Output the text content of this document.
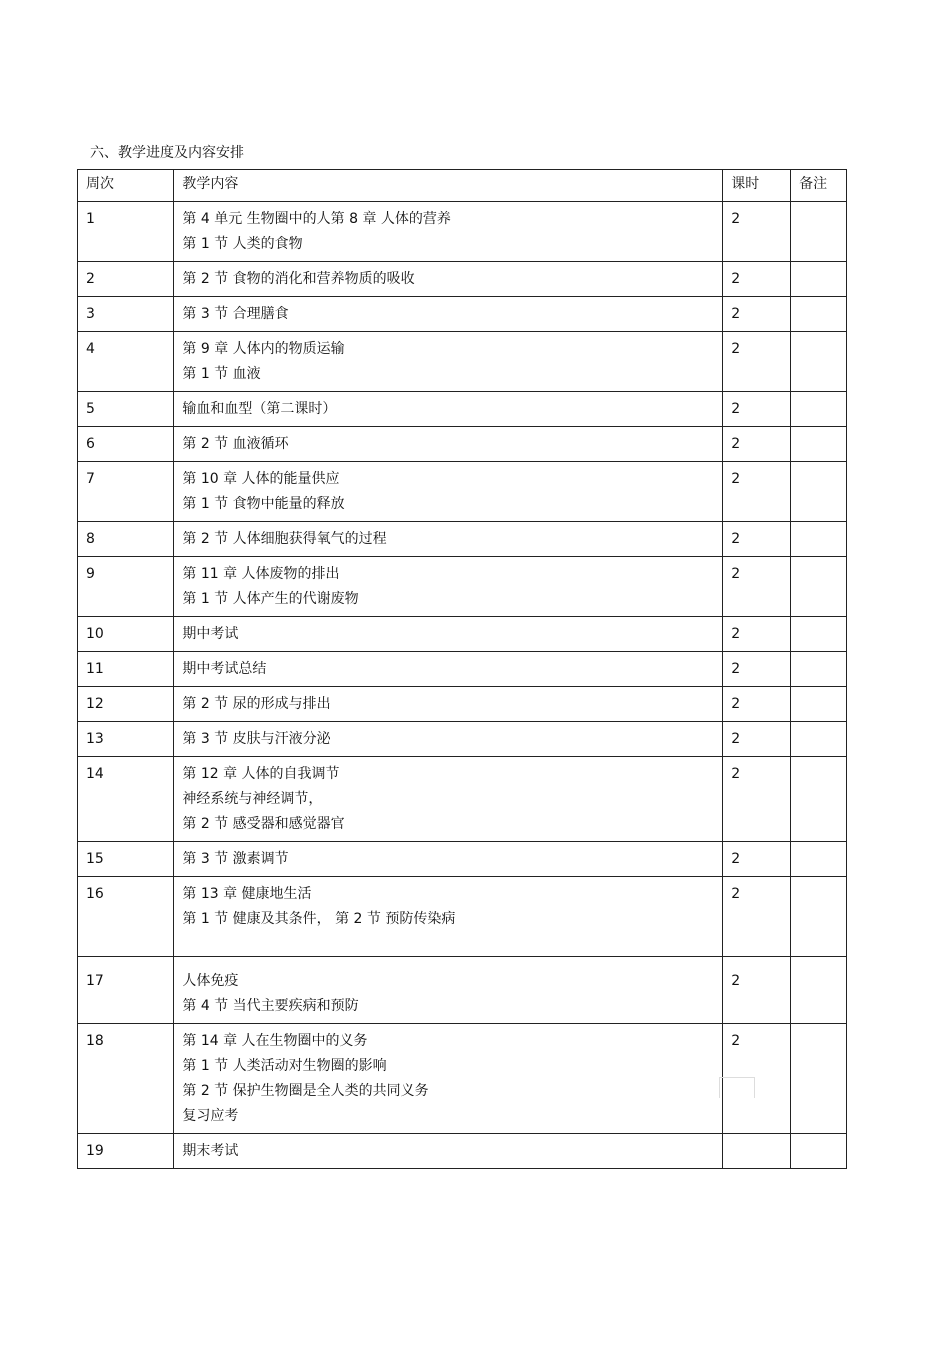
六、教学进度及内容安排
周次	教学内容	课时	备注
1	第 4 单元 生物圈中的人第 8 章 人体的营养
第 1 节 人类的食物	2	
2	第 2 节 食物的消化和营养物质的吸收	2	
3	第 3 节 合理膳食	2	
4	第 9 章 人体内的物质运输
第 1 节 血液	2	
5	输血和血型（第二课时）	2	
6	第 2 节 血液循环	2	
7	第 10 章 人体的能量供应
第 1 节 食物中能量的释放	2	
8	第 2 节 人体细胞获得氧气的过程	2	
9	第 11 章 人体废物的排出
第 1 节 人体产生的代谢废物	2	
10	期中考试	2	
11	期中考试总结	2	
12	第 2 节 尿的形成与排出	2	
13	第 3 节 皮肤与汗液分泌	2	
14	第 12 章 人体的自我调节
神经系统与神经调节，
第 2 节 感受器和感觉器官	2	
15	第 3 节 激素调节	2	
16	第 13 章 健康地生活
第 1 节 健康及其条件， 第 2 节 预防传染病	2	
17	人体免疫
第 4 节 当代主要疾病和预防	2	
18	第 14 章 人在生物圈中的义务
第 1 节 人类活动对生物圈的影响
第 2 节 保护生物圈是全人类的共同义务
复习应考	2	
19	期末考试		
